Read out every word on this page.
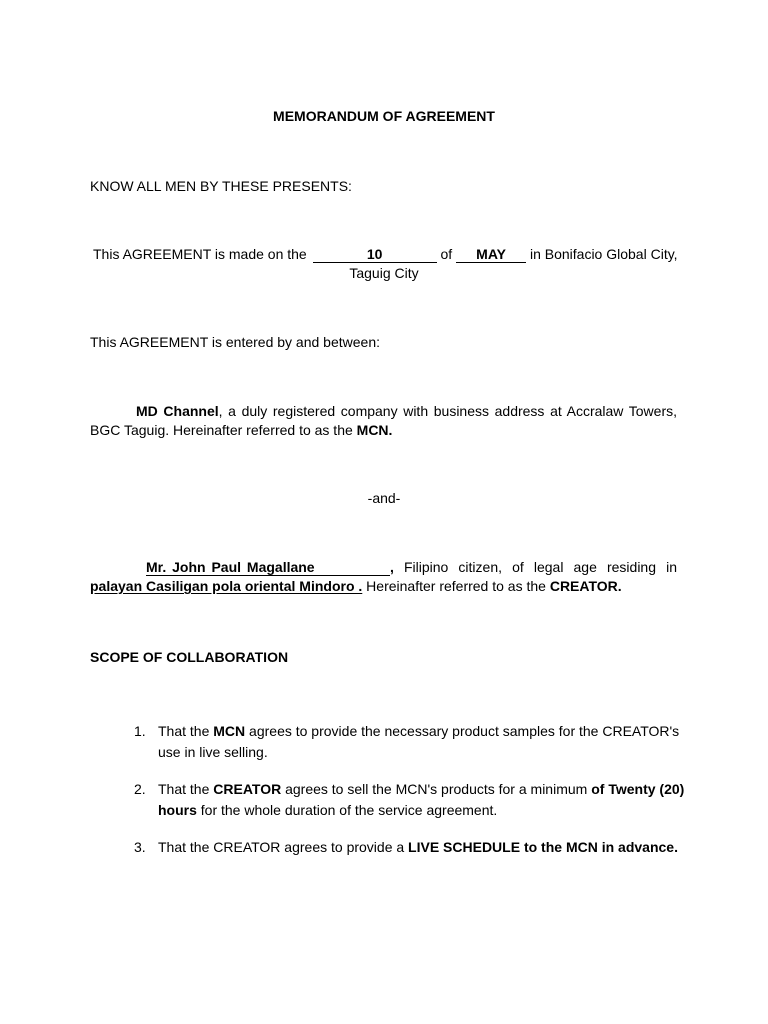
MEMORANDUM OF AGREEMENT

KNOW ALL MEN BY THESE PRESENTS:

This AGREEMENT is made on the	10	of MAY in Bonifacio Global City,

Taguig City

This AGREEMENT is entered by and between:

MD Channel, a duly registered company with business address at Accralaw Towers,

BGC Taguig. Hereinafter referred to as the MCN.

-and-

Mr. John Paul Magallane	, Filipino citizen, of legal age residing in

palayan Casiligan pola oriental Mindoro . Hereinafter referred to as the CREATOR.

SCOPE OF COLLABORATION

1. That the MCN agrees to provide the necessary product samples for the CREATOR's use in live selling.
2. That the CREATOR agrees to sell the MCN's products for a minimum of Twenty (20) hours for the whole duration of the service agreement.
3. That the CREATOR agrees to provide a LIVE SCHEDULE to the MCN in advance.
